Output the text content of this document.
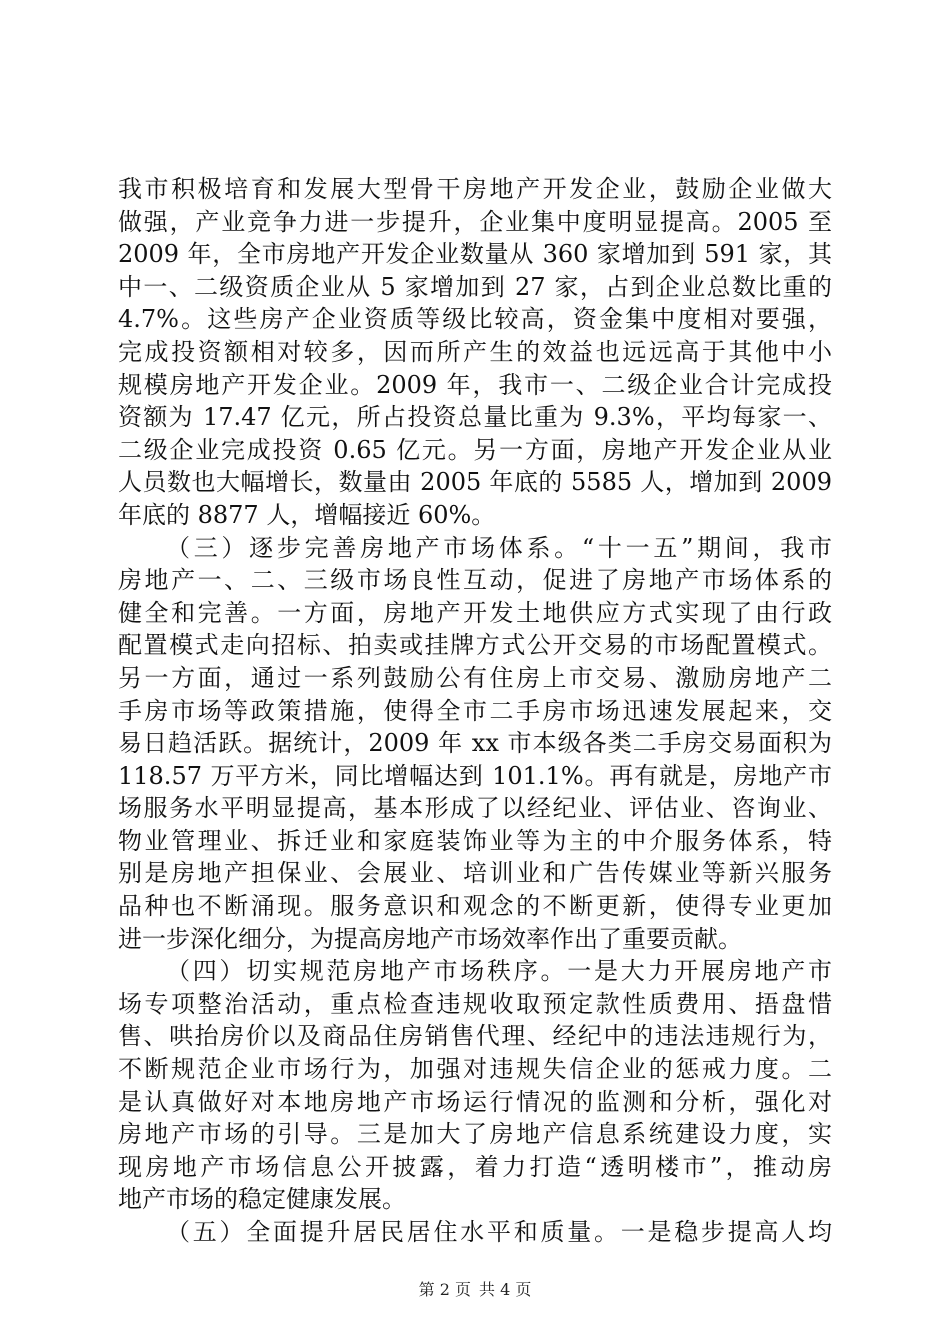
我市积极培育和发展大型骨干房地产开发企业，鼓励企业做大
做强，产业竞争力进一步提升，企业集中度明显提高。2005 至
2009 年，全市房地产开发企业数量从 360 家增加到 591 家，其
中一、二级资质企业从 5 家增加到 27 家，占到企业总数比重的
4.7%。这些房产企业资质等级比较高，资金集中度相对要强，
完成投资额相对较多，因而所产生的效益也远远高于其他中小
规模房地产开发企业。2009 年，我市一、二级企业合计完成投
资额为 17.47 亿元，所占投资总量比重为 9.3%，平均每家一、
二级企业完成投资 0.65 亿元。另一方面，房地产开发企业从业
人员数也大幅增长，数量由 2005 年底的 5585 人，增加到 2009
年底的 8877 人，增幅接近 60%。
（三）逐步完善房地产市场体系。“十一五”期间，我市
房地产一、二、三级市场良性互动，促进了房地产市场体系的
健全和完善。一方面，房地产开发土地供应方式实现了由行政
配置模式走向招标、拍卖或挂牌方式公开交易的市场配置模式。
另一方面，通过一系列鼓励公有住房上市交易、激励房地产二
手房市场等政策措施，使得全市二手房市场迅速发展起来，交
易日趋活跃。据统计，2009 年 xx 市本级各类二手房交易面积为
118.57 万平方米，同比增幅达到 101.1%。再有就是，房地产市
场服务水平明显提高，基本形成了以经纪业、评估业、咨询业、
物业管理业、拆迁业和家庭装饰业等为主的中介服务体系，特
别是房地产担保业、会展业、培训业和广告传媒业等新兴服务
品种也不断涌现。服务意识和观念的不断更新，使得专业更加
进一步深化细分，为提高房地产市场效率作出了重要贡献。
（四）切实规范房地产市场秩序。一是大力开展房地产市
场专项整治活动，重点检查违规收取预定款性质费用、捂盘惜
售、哄抬房价以及商品住房销售代理、经纪中的违法违规行为，
不断规范企业市场行为，加强对违规失信企业的惩戒力度。二
是认真做好对本地房地产市场运行情况的监测和分析，强化对
房地产市场的引导。三是加大了房地产信息系统建设力度，实
现房地产市场信息公开披露，着力打造“透明楼市”，推动房
地产市场的稳定健康发展。
（五）全面提升居民居住水平和质量。一是稳步提高人均
第 2 页 共 4 页
